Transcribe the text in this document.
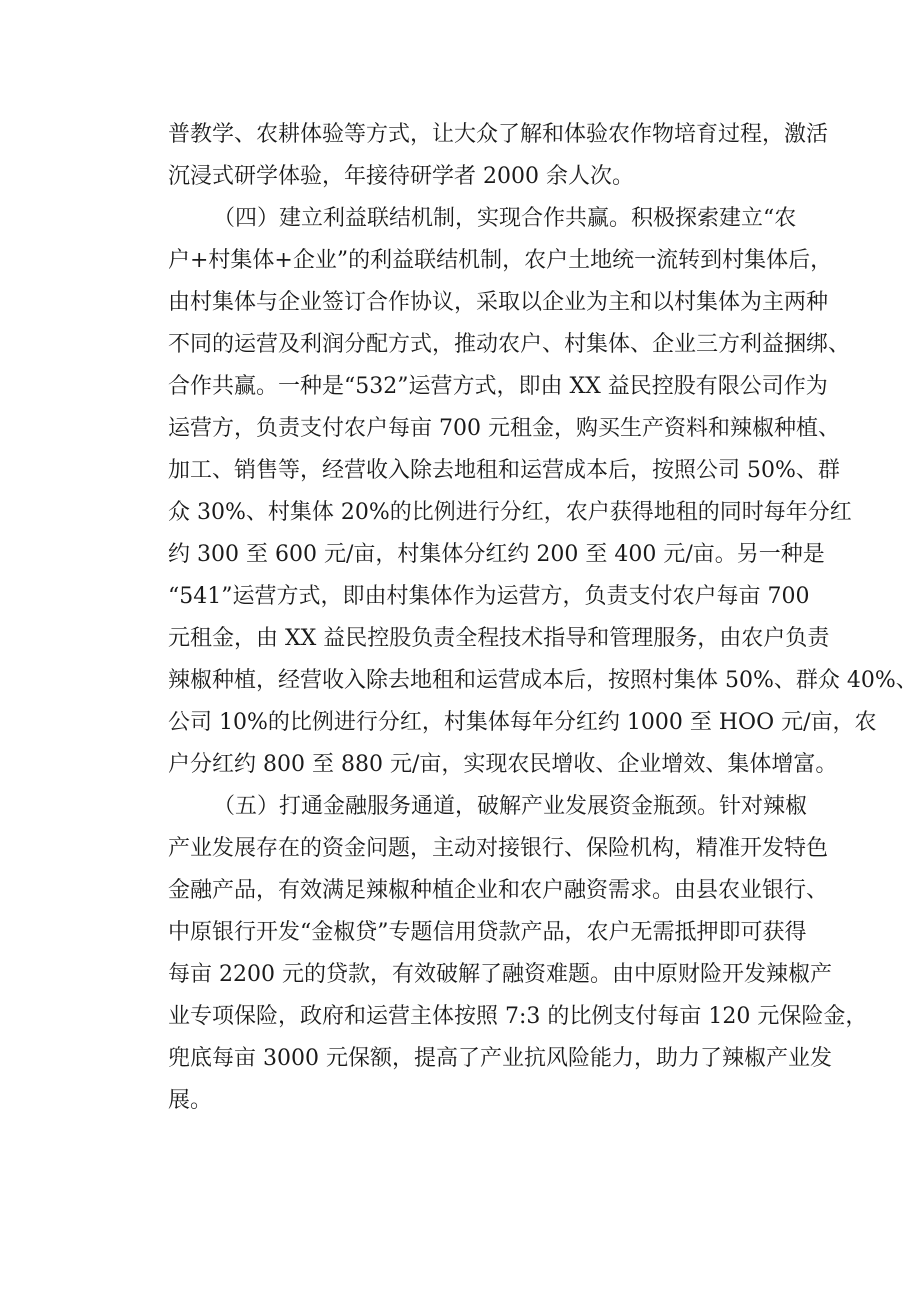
普教学、农耕体验等方式，让大众了解和体验农作物培育过程，激活
沉浸式研学体验，年接待研学者 2000 余人次。
（四）建立利益联结机制，实现合作共赢。积极探索建立“农
户+村集体+企业”的利益联结机制，农户土地统一流转到村集体后，
由村集体与企业签订合作协议，采取以企业为主和以村集体为主两种
不同的运营及利润分配方式，推动农户、村集体、企业三方利益捆绑、
合作共赢。一种是“532”运营方式，即由 XX 益民控股有限公司作为
运营方，负责支付农户每亩 700 元租金，购买生产资料和辣椒种植、
加工、销售等，经营收入除去地租和运营成本后，按照公司 50%、群
众 30%、村集体 20%的比例进行分红，农户获得地租的同时每年分红
约 300 至 600 元/亩，村集体分红约 200 至 400 元/亩。另一种是
“541”运营方式，即由村集体作为运营方，负责支付农户每亩 700
元租金，由 XX 益民控股负责全程技术指导和管理服务，由农户负责
辣椒种植，经营收入除去地租和运营成本后，按照村集体 50%、群众 40%、
公司 10%的比例进行分红，村集体每年分红约 1000 至 HOO 元/亩，农
户分红约 800 至 880 元/亩，实现农民增收、企业增效、集体增富。
（五）打通金融服务通道，破解产业发展资金瓶颈。针对辣椒
产业发展存在的资金问题，主动对接银行、保险机构，精准开发特色
金融产品，有效满足辣椒种植企业和农户融资需求。由县农业银行、
中原银行开发“金椒贷”专题信用贷款产品，农户无需抵押即可获得
每亩 2200 元的贷款，有效破解了融资难题。由中原财险开发辣椒产
业专项保险，政府和运营主体按照 7:3 的比例支付每亩 120 元保险金，
兜底每亩 3000 元保额，提高了产业抗风险能力，助力了辣椒产业发
展。
